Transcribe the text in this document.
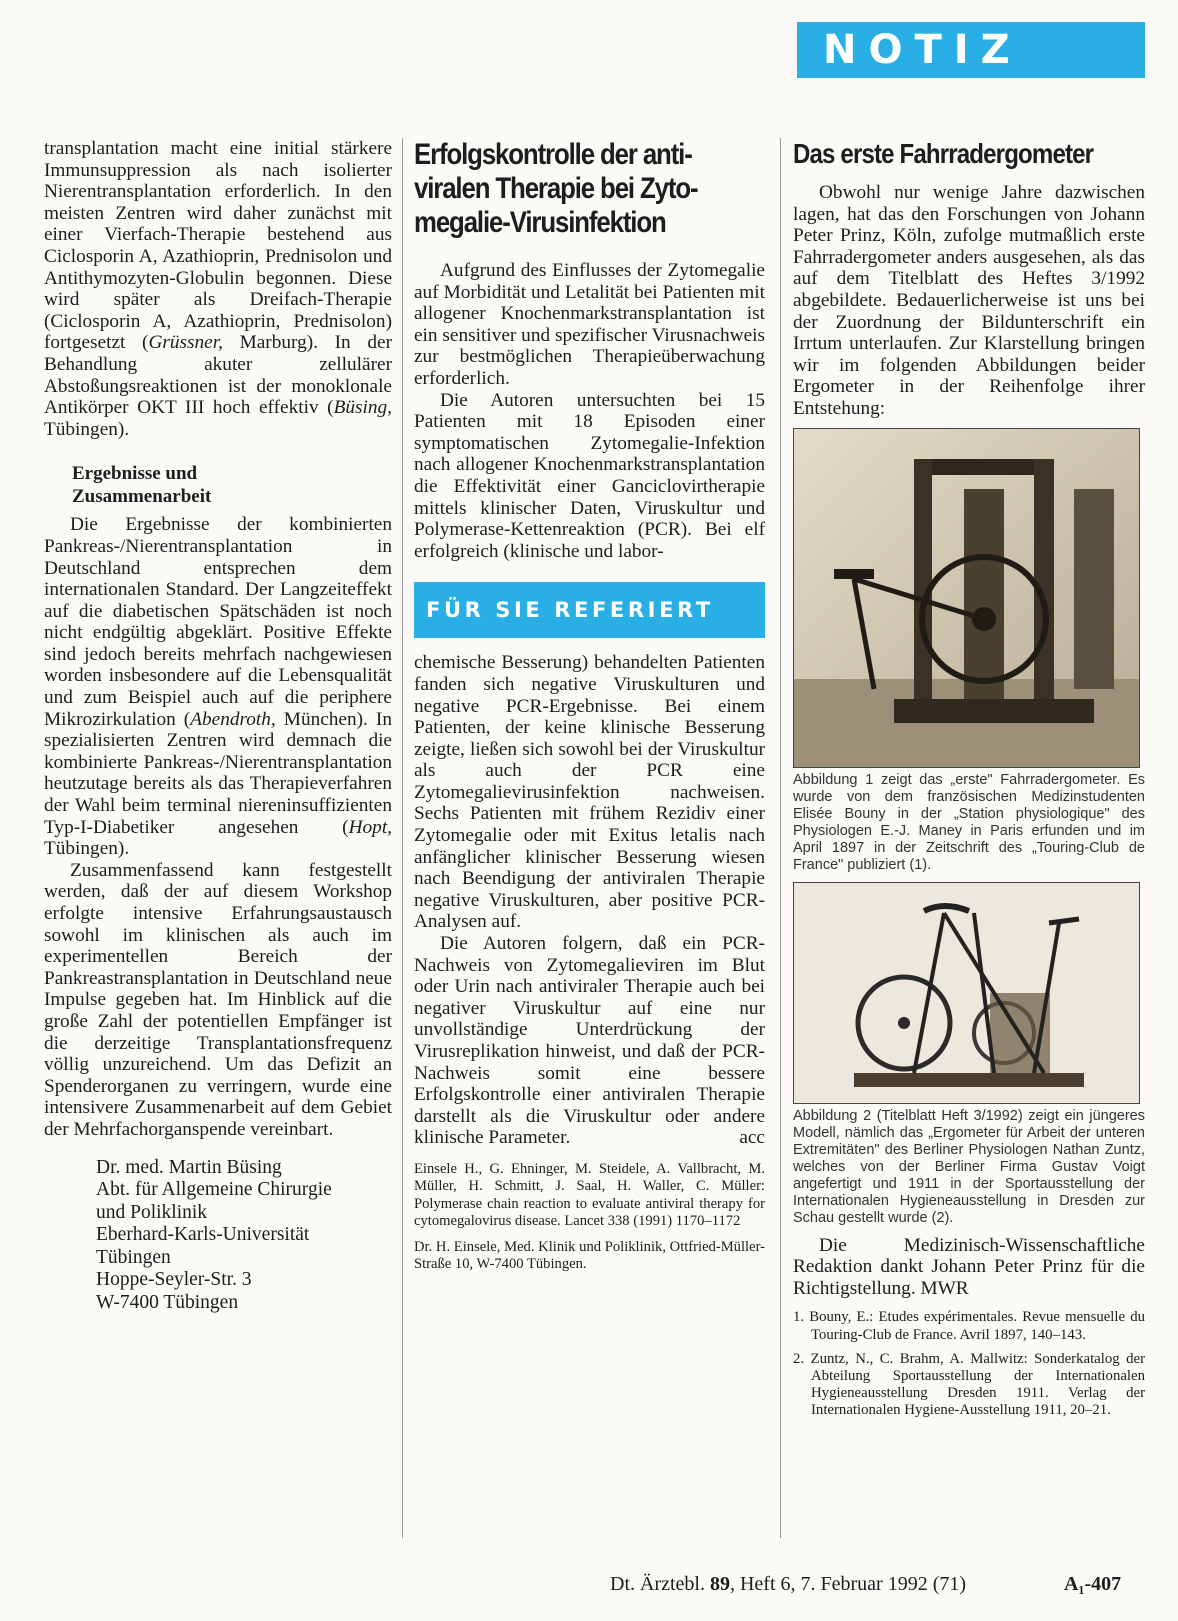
NOTIZ

transplantation macht eine initial stärkere Immunsuppression als nach isolierter Nierentransplantation erforderlich. In den meisten Zentren wird daher zunächst mit einer Vierfach-Therapie bestehend aus Ciclosporin A, Azathioprin, Prednisolon und Antithymozyten-Globulin begonnen. Diese wird später als Dreifach-Therapie (Ciclosporin A, Azathioprin, Prednisolon) fortgesetzt (Grüssner, Marburg). In der Behandlung akuter zellulärer Abstoßungsreaktionen ist der monoklonale Antikörper OKT III hoch effektiv (Büsing, Tübingen).

Ergebnisse und
Zusammenarbeit

Die Ergebnisse der kombinierten Pankreas-/Nierentransplantation in Deutschland entsprechen dem internationalen Standard. Der Langzeiteffekt auf die diabetischen Spätschäden ist noch nicht endgültig abgeklärt. Positive Effekte sind jedoch bereits mehrfach nachgewiesen worden insbesondere auf die Lebensqualität und zum Beispiel auch auf die periphere Mikrozirkulation (Abendroth, München). In spezialisierten Zentren wird demnach die kombinierte Pankreas-/Nierentransplantation heutzutage bereits als das Therapieverfahren der Wahl beim terminal niereninsuffizienten Typ-I-Diabetiker angesehen (Hopt, Tübingen).

Zusammenfassend kann festgestellt werden, daß der auf diesem Workshop erfolgte intensive Erfahrungsaustausch sowohl im klinischen als auch im experimentellen Bereich der Pankreastransplantation in Deutschland neue Impulse gegeben hat. Im Hinblick auf die große Zahl der potentiellen Empfänger ist die derzeitige Transplantationsfrequenz völlig unzureichend. Um das Defizit an Spenderorganen zu verringern, wurde eine intensivere Zusammenarbeit auf dem Gebiet der Mehrfachorganspende vereinbart.

Dr. med. Martin Büsing
Abt. für Allgemeine Chirurgie
und Poliklinik
Eberhard-Karls-Universität
Tübingen
Hoppe-Seyler-Str. 3
W-7400 Tübingen
Erfolgskontrolle der anti-
viralen Therapie bei Zyto-
megalie-Virusinfektion

Aufgrund des Einflusses der Zytomegalie auf Morbidität und Letalität bei Patienten mit allogener Knochenmarkstransplantation ist ein sensitiver und spezifischer Virusnachweis zur bestmöglichen Therapieüberwachung erforderlich.

Die Autoren untersuchten bei 15 Patienten mit 18 Episoden einer symptomatischen Zytomegalie-Infektion nach allogener Knochenmarkstransplantation die Effektivität einer Ganciclovirtherapie mittels klinischer Daten, Viruskultur und Polymerase-Kettenreaktion (PCR). Bei elf erfolgreich (klinische und labor-

FÜR SIE REFERIERT

chemische Besserung) behandelten Patienten fanden sich negative Viruskulturen und negative PCR-Ergebnisse. Bei einem Patienten, der keine klinische Besserung zeigte, ließen sich sowohl bei der Viruskultur als auch der PCR eine Zytomegalievirusinfektion nachweisen. Sechs Patienten mit frühem Rezidiv einer Zytomegalie oder mit Exitus letalis nach anfänglicher klinischer Besserung wiesen nach Beendigung der antiviralen Therapie negative Viruskulturen, aber positive PCR-Analysen auf.

Die Autoren folgern, daß ein PCR-Nachweis von Zytomegalieviren im Blut oder Urin nach antiviraler Therapie auch bei negativer Viruskultur auf eine nur unvollständige Unterdrückung der Virusreplikation hinweist, und daß der PCR-Nachweis somit eine bessere Erfolgskontrolle einer antiviralen Therapie darstellt als die Viruskultur oder andere klinische Parameter.	acc

Einsele H., G. Ehninger, M. Steidele, A. Vallbracht, M. Müller, H. Schmitt, J. Saal, H. Waller, C. Müller: Polymerase chain reaction to evaluate antiviral therapy for cytomegalovirus disease. Lancet 338 (1991) 1170–1172

Dr. H. Einsele, Med. Klinik und Poliklinik, Ottfried-Müller-Straße 10, W-7400 Tübingen.

Das erste Fahrradergometer

Obwohl nur wenige Jahre dazwischen lagen, hat das den Forschungen von Johann Peter Prinz, Köln, zufolge mutmaßlich erste Fahrradergometer anders ausgesehen, als das auf dem Titelblatt des Heftes 3/1992 abgebildete. Bedauerlicherweise ist uns bei der Zuordnung der Bildunterschrift ein Irrtum unterlaufen. Zur Klarstellung bringen wir im folgenden Abbildungen beider Ergometer in der Reihenfolge ihrer Entstehung:

Abbildung 1 zeigt das „erste" Fahrradergometer. Es wurde von dem französischen Medizinstudenten Elisée Bouny in der „Station physiologique" des Physiologen E.-J. Maney in Paris erfunden und im April 1897 in der Zeitschrift des „Touring-Club de France" publiziert (1).
Abbildung 2 (Titelblatt Heft 3/1992) zeigt ein jüngeres Modell, nämlich das „Ergometer für Arbeit der unteren Extremitäten" des Berliner Physiologen Nathan Zuntz, welches von der Berliner Firma Gustav Voigt angefertigt und 1911 in der Sportausstellung der Internationalen Hygieneausstellung in Dresden zur Schau gestellt wurde (2).

Die Medizinisch-Wissenschaftliche Redaktion dankt Johann Peter Prinz für die Richtigstellung. MWR

1. Bouny, E.: Etudes expérimentales. Revue mensuelle du Touring-Club de France. Avril 1897, 140–143.
2. Zuntz, N., C. Brahm, A. Mallwitz: Sonderkatalog der Abteilung Sportausstellung der Internationalen Hygieneausstellung Dresden 1911. Verlag der Internationalen Hygiene-Ausstellung 1911, 20–21.
Dt. Ärztebl. 89, Heft 6, 7. Februar 1992 (71)	A₁-407
